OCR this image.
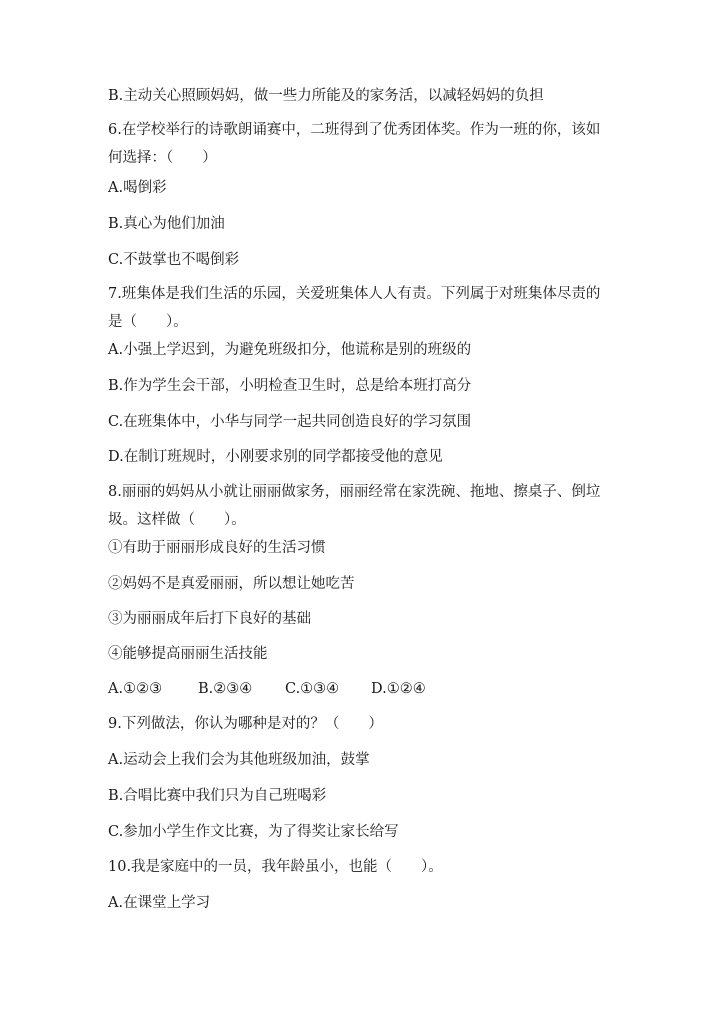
B.主动关心照顾妈妈，做一些力所能及的家务活，以减轻妈妈的负担
6.在学校举行的诗歌朗诵赛中，二班得到了优秀团体奖。作为一班的你，该如
何选择：（　　）
A.喝倒彩
B.真心为他们加油
C.不鼓掌也不喝倒彩
7.班集体是我们生活的乐园，关爱班集体人人有责。下列属于对班集体尽责的
是（　　）。
A.小强上学迟到，为避免班级扣分，他谎称是别的班级的
B.作为学生会干部，小明检查卫生时，总是给本班打高分
C.在班集体中，小华与同学一起共同创造良好的学习氛围
D.在制订班规时，小刚要求别的同学都接受他的意见
8.丽丽的妈妈从小就让丽丽做家务，丽丽经常在家洗碗、拖地、擦桌子、倒垃
圾。这样做（　　）。
①有助于丽丽形成良好的生活习惯
②妈妈不是真爱丽丽，所以想让她吃苦
③为丽丽成年后打下良好的基础
④能够提高丽丽生活技能
A.①②③	B.②③④	C.①③④	D.①②④
9.下列做法，你认为哪种是对的？（　　）
A.运动会上我们会为其他班级加油，鼓掌
B.合唱比赛中我们只为自己班喝彩
C.参加小学生作文比赛，为了得奖让家长给写
10.我是家庭中的一员，我年龄虽小，也能（　　）。
A.在课堂上学习
